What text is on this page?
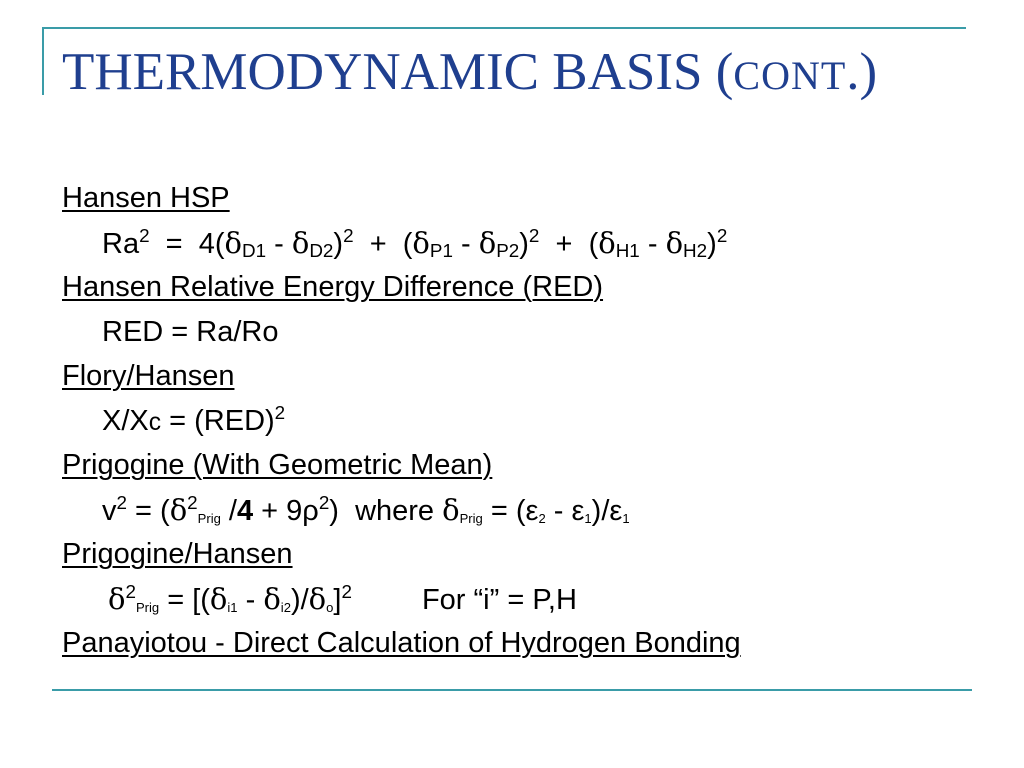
THERMODYNAMIC BASIS (CONT.)
Hansen HSP
$Ra^2 = 4(\delta_{D1} - \delta_{D2})^2 + (\delta_{P1} - \delta_{P2})^2 + (\delta_{H1} - \delta_{H2})^2$
Hansen Relative Energy Difference (RED)
RED = Ra/Ro
Flory/Hansen
X/Xc = (RED)$^2$
Prigogine (With Geometric Mean)
$v^2 = (\delta^2_{Prig}$ $/4 + 9\rho^2$)  where $\delta_{Prig} = (\varepsilon_2 - \varepsilon_1)/\varepsilon_1$
Prigogine/Hansen
$\delta^2_{Prig} = [(\delta_{i1} - \delta_{i2})/\delta_o]^2$ For “i” = P,H
Panayiotou - Direct Calculation of Hydrogen Bonding
